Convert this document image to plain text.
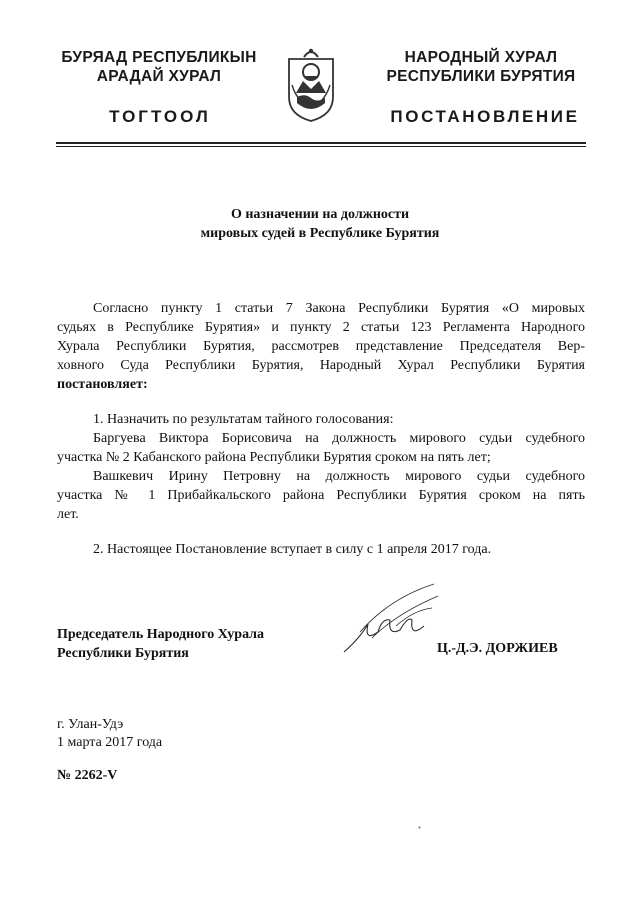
БУРЯАД РЕСПУБЛИКЫН
АРАДАЙ ХУРАЛ
НАРОДНЫЙ ХУРАЛ
РЕСПУБЛИКИ БУРЯТИЯ
ТОГТООЛ	ПОСТАНОВЛЕНИЕ
О назначении на должности
мировых судей в Республике Бурятия
Согласно пункту 1 статьи 7 Закона Республики Бурятия «О мировых
судьях в Республике Бурятия» и пункту 2 статьи 123 Регламента Народного
Хурала Республики Бурятия, рассмотрев представление Председателя Вер-
ховного Суда Республики Бурятия, Народный Хурал Республики Бурятия
постановляет:
1. Назначить по результатам тайного голосования:
Баргуева Виктора Борисовича на должность мирового судьи судебного
участка № 2 Кабанского района Республики Бурятия сроком на пять лет;
Вашкевич Ирину Петровну на должность мирового судьи судебного
участка № 1 Прибайкальского района Республики Бурятия сроком на пять
лет.
2. Настоящее Постановление вступает в силу с 1 апреля 2017 года.
Председатель Народного Хурала
Республики Бурятия	Ц.-Д.Э. ДОРЖИЕВ
г. Улан-Удэ
1 марта 2017 года
№ 2262-V
